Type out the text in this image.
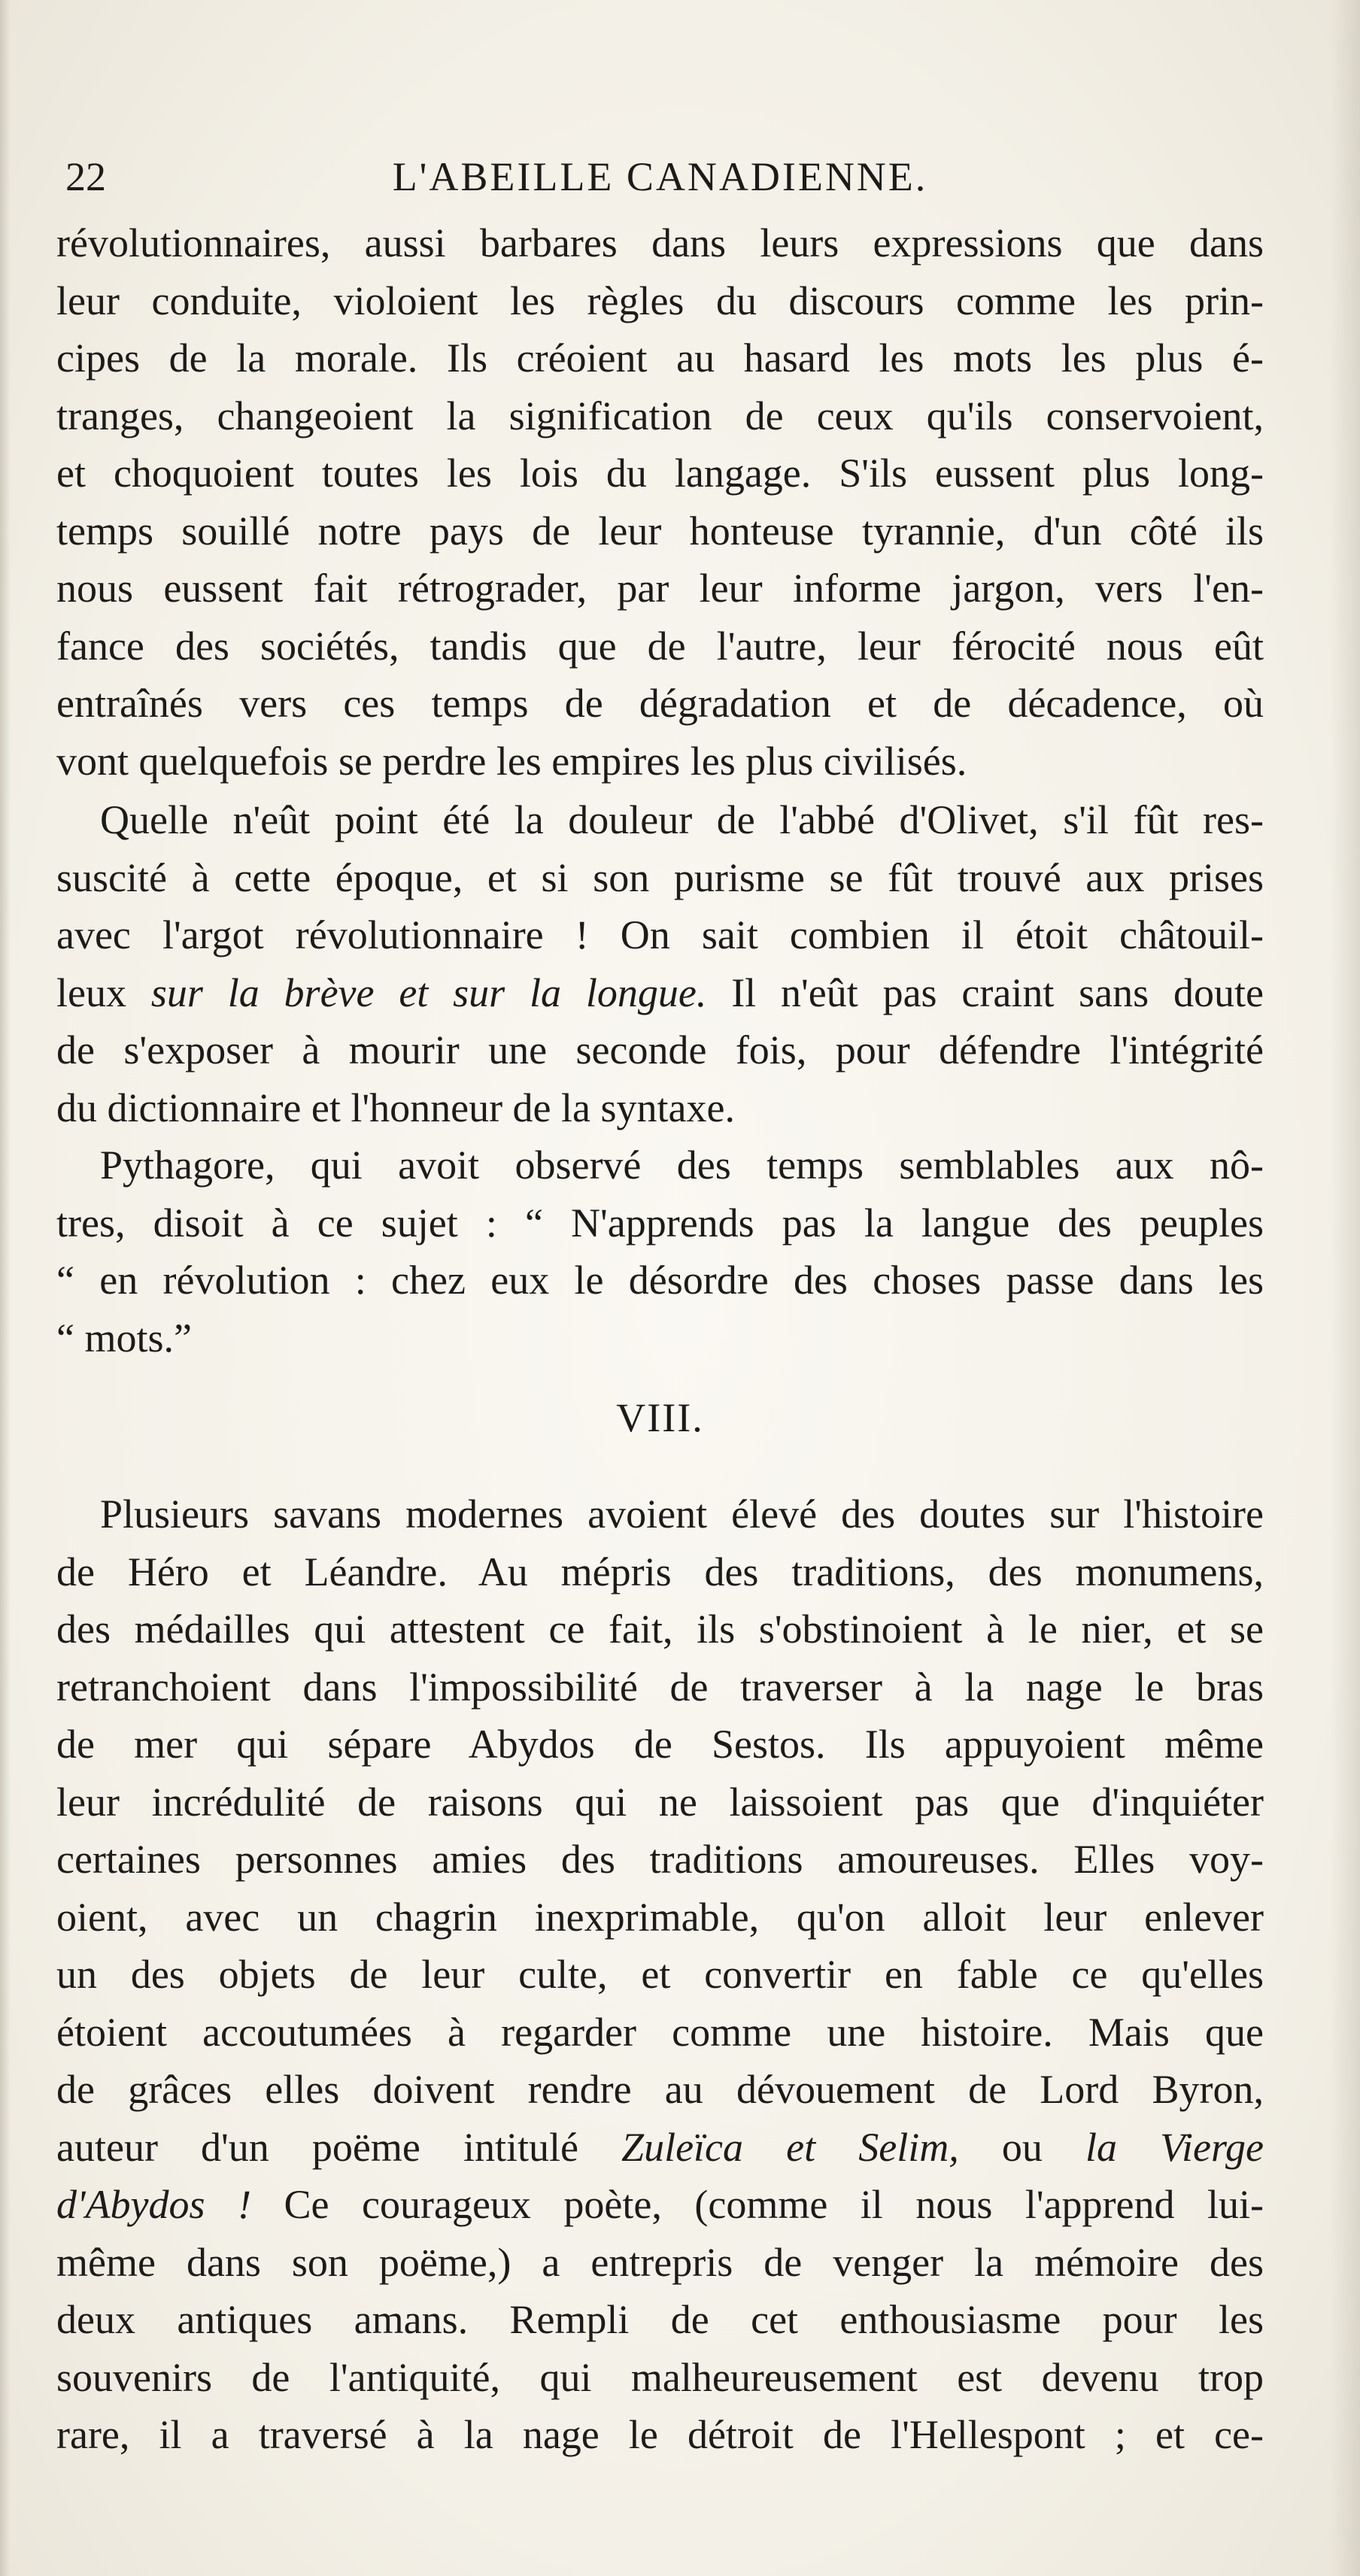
22	L'ABEILLE CANADIENNE.
révolutionnaires, aussi barbares dans leurs expressions que dans
leur conduite, violoient les règles du discours comme les prin-
cipes de la morale. Ils créoient au hasard les mots les plus é-
tranges, changeoient la signification de ceux qu'ils conservoient,
et choquoient toutes les lois du langage. S'ils eussent plus long-
temps souillé notre pays de leur honteuse tyrannie, d'un côté ils
nous eussent fait rétrograder, par leur informe jargon, vers l'en-
fance des sociétés, tandis que de l'autre, leur férocité nous eût
entraînés vers ces temps de dégradation et de décadence, où
vont quelquefois se perdre les empires les plus civilisés.
Quelle n'eût point été la douleur de l'abbé d'Olivet, s'il fût res-
suscité à cette époque, et si son purisme se fût trouvé aux prises
avec l'argot révolutionnaire ! On sait combien il étoit châtouil-
leux sur la brève et sur la longue. Il n'eût pas craint sans doute
de s'exposer à mourir une seconde fois, pour défendre l'intégrité
du dictionnaire et l'honneur de la syntaxe.
Pythagore, qui avoit observé des temps semblables aux nô-
tres, disoit à ce sujet : “ N'apprends pas la langue des peuples
“ en révolution : chez eux le désordre des choses passe dans les
“ mots.”
VIII.
Plusieurs savans modernes avoient élevé des doutes sur l'histoire
de Héro et Léandre. Au mépris des traditions, des monumens,
des médailles qui attestent ce fait, ils s'obstinoient à le nier, et se
retranchoient dans l'impossibilité de traverser à la nage le bras
de mer qui sépare Abydos de Sestos. Ils appuyoient même
leur incrédulité de raisons qui ne laissoient pas que d'inquiéter
certaines personnes amies des traditions amoureuses. Elles voy-
oient, avec un chagrin inexprimable, qu'on alloit leur enlever
un des objets de leur culte, et convertir en fable ce qu'elles
étoient accoutumées à regarder comme une histoire. Mais que
de grâces elles doivent rendre au dévouement de Lord Byron,
auteur d'un poëme intitulé Zuleïca et Selim, ou la Vierge
d'Abydos ! Ce courageux poète, (comme il nous l'apprend lui-
même dans son poëme,) a entrepris de venger la mémoire des
deux antiques amans. Rempli de cet enthousiasme pour les
souvenirs de l'antiquité, qui malheureusement est devenu trop
rare, il a traversé à la nage le détroit de l'Hellespont ; et ce-
